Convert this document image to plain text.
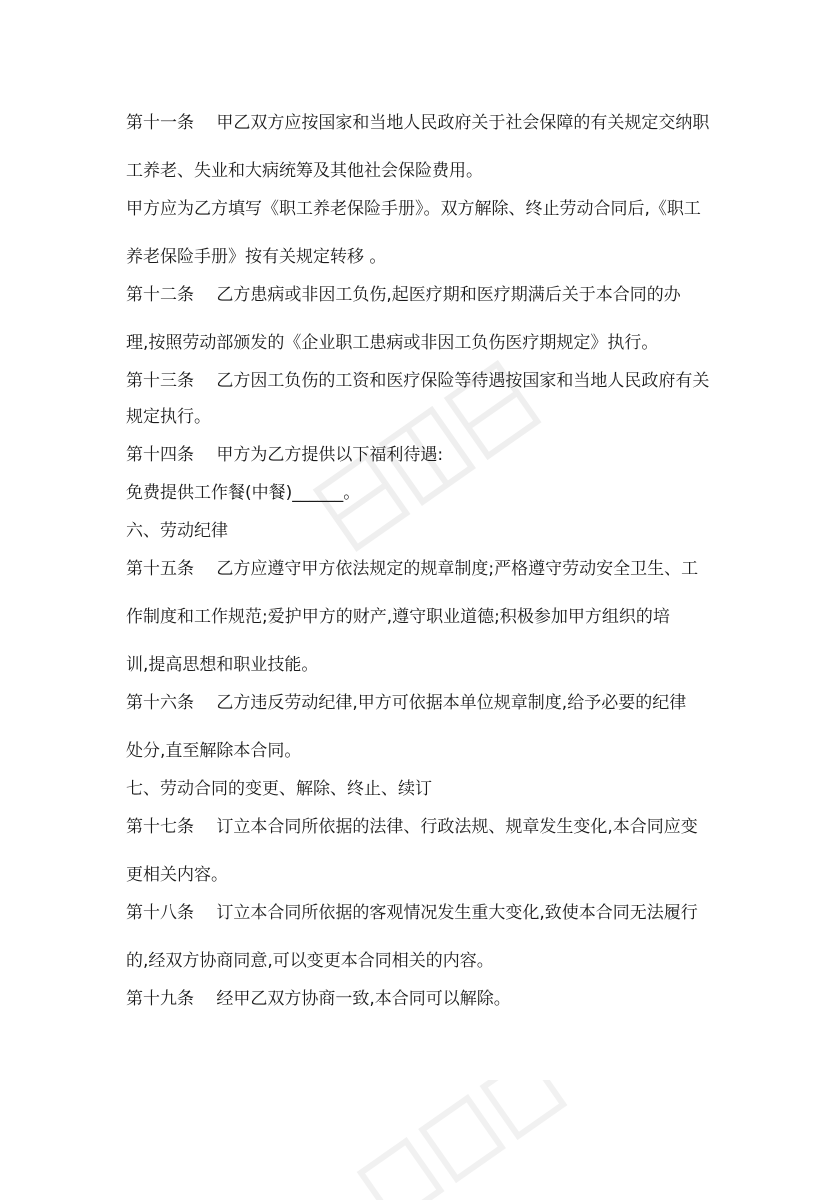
第十一条　 甲乙双方应按国家和当地人民政府关于社会保障的有关规定交纳职

工养老、失业和大病统筹及其他社会保险费用。

甲方应为乙方填写《职工养老保险手册》。双方解除、终止劳动合同后,《职工

养老保险手册》按有关规定转移 。

第十二条　 乙方患病或非因工负伤,起医疗期和医疗期满后关于本合同的办

理,按照劳动部颁发的《企业职工患病或非因工负伤医疗期规定》执行。

第十三条　 乙方因工负伤的工资和医疗保险等待遇按国家和当地人民政府有关

规定执行。

第十四条　 甲方为乙方提供以下福利待遇:

免费提供工作餐(中餐)______。

六、劳动纪律

第十五条　 乙方应遵守甲方依法规定的规章制度;严格遵守劳动安全卫生、工

作制度和工作规范;爱护甲方的财产,遵守职业道德;积极参加甲方组织的培

训,提高思想和职业技能。

第十六条　 乙方违反劳动纪律,甲方可依据本单位规章制度,给予必要的纪律

处分,直至解除本合同。

七、劳动合同的变更、解除、终止、续订

第十七条　 订立本合同所依据的法律、行政法规、规章发生变化,本合同应变

更相关内容。

第十八条　 订立本合同所依据的客观情况发生重大变化,致使本合同无法履行

的,经双方协商同意,可以变更本合同相关的内容。

第十九条　 经甲乙双方协商一致,本合同可以解除。
